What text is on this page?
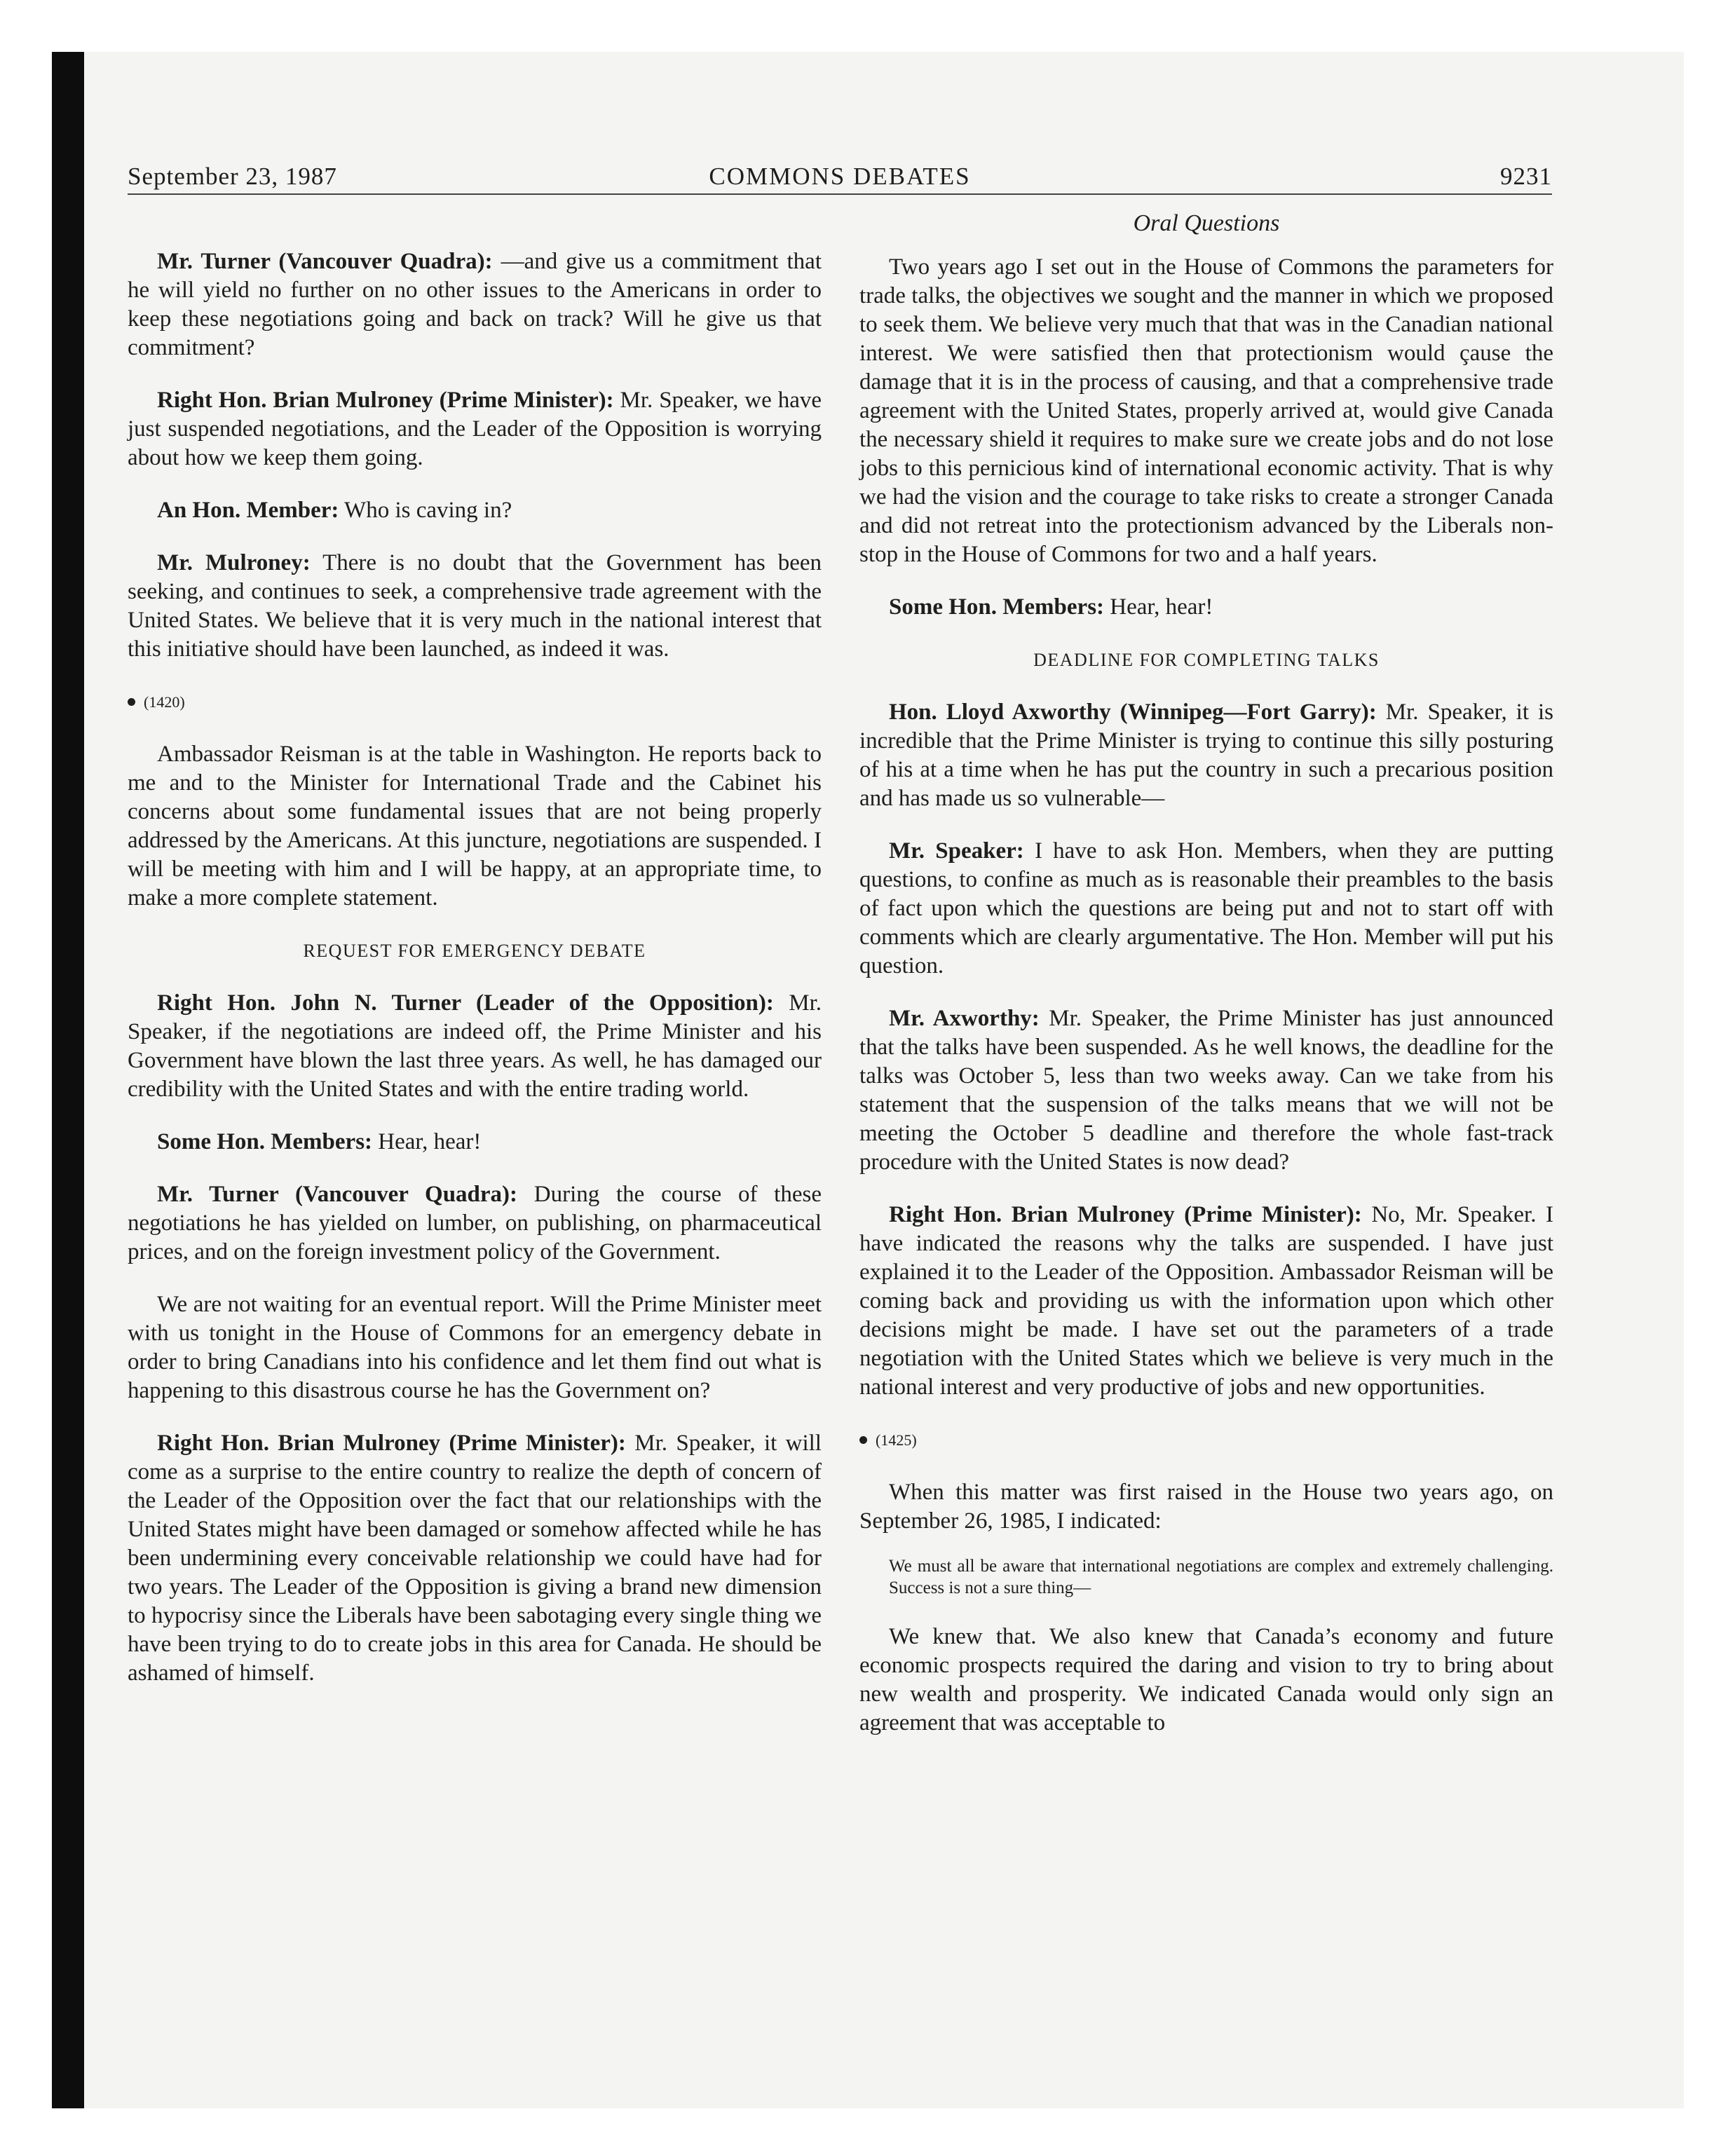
September 23, 1987	COMMONS DEBATES	9231

Mr. Turner (Vancouver Quadra): —and give us a commitment that he will yield no further on no other issues to the Americans in order to keep these negotiations going and back on track? Will he give us that commitment?

Right Hon. Brian Mulroney (Prime Minister): Mr. Speaker, we have just suspended negotiations, and the Leader of the Opposition is worrying about how we keep them going.

An Hon. Member: Who is caving in?

Mr. Mulroney: There is no doubt that the Government has been seeking, and continues to seek, a comprehensive trade agreement with the United States. We believe that it is very much in the national interest that this initiative should have been launched, as indeed it was.

(1420)

Ambassador Reisman is at the table in Washington. He reports back to me and to the Minister for International Trade and the Cabinet his concerns about some fundamental issues that are not being properly addressed by the Americans. At this juncture, negotiations are suspended. I will be meeting with him and I will be happy, at an appropriate time, to make a more complete statement.

REQUEST FOR EMERGENCY DEBATE

Right Hon. John N. Turner (Leader of the Opposition): Mr. Speaker, if the negotiations are indeed off, the Prime Minister and his Government have blown the last three years. As well, he has damaged our credibility with the United States and with the entire trading world.

Some Hon. Members: Hear, hear!

Mr. Turner (Vancouver Quadra): During the course of these negotiations he has yielded on lumber, on publishing, on pharmaceutical prices, and on the foreign investment policy of the Government.

We are not waiting for an eventual report. Will the Prime Minister meet with us tonight in the House of Commons for an emergency debate in order to bring Canadians into his confidence and let them find out what is happening to this disastrous course he has the Government on?

Right Hon. Brian Mulroney (Prime Minister): Mr. Speaker, it will come as a surprise to the entire country to realize the depth of concern of the Leader of the Opposition over the fact that our relationships with the United States might have been damaged or somehow affected while he has been undermining every conceivable relationship we could have had for two years. The Leader of the Opposition is giving a brand new dimension to hypocrisy since the Liberals have been sabotaging every single thing we have been trying to do to create jobs in this area for Canada. He should be ashamed of himself.

Oral Questions

Two years ago I set out in the House of Commons the parameters for trade talks, the objectives we sought and the manner in which we proposed to seek them. We believe very much that that was in the Canadian national interest. We were satisfied then that protectionism would çause the damage that it is in the process of causing, and that a comprehensive trade agreement with the United States, properly arrived at, would give Canada the necessary shield it requires to make sure we create jobs and do not lose jobs to this pernicious kind of international economic activity. That is why we had the vision and the courage to take risks to create a stronger Canada and did not retreat into the protectionism advanced by the Liberals non-stop in the House of Commons for two and a half years.

Some Hon. Members: Hear, hear!

DEADLINE FOR COMPLETING TALKS

Hon. Lloyd Axworthy (Winnipeg—Fort Garry): Mr. Speaker, it is incredible that the Prime Minister is trying to continue this silly posturing of his at a time when he has put the country in such a precarious position and has made us so vulnerable—

Mr. Speaker: I have to ask Hon. Members, when they are putting questions, to confine as much as is reasonable their preambles to the basis of fact upon which the questions are being put and not to start off with comments which are clearly argumentative. The Hon. Member will put his question.

Mr. Axworthy: Mr. Speaker, the Prime Minister has just announced that the talks have been suspended. As he well knows, the deadline for the talks was October 5, less than two weeks away. Can we take from his statement that the suspension of the talks means that we will not be meeting the October 5 deadline and therefore the whole fast-track procedure with the United States is now dead?

Right Hon. Brian Mulroney (Prime Minister): No, Mr. Speaker. I have indicated the reasons why the talks are suspended. I have just explained it to the Leader of the Opposition. Ambassador Reisman will be coming back and providing us with the information upon which other decisions might be made. I have set out the parameters of a trade negotiation with the United States which we believe is very much in the national interest and very productive of jobs and new opportunities.

(1425)

When this matter was first raised in the House two years ago, on September 26, 1985, I indicated:

We must all be aware that international negotiations are complex and extremely challenging. Success is not a sure thing—

We knew that. We also knew that Canada’s economy and future economic prospects required the daring and vision to try to bring about new wealth and prosperity. We indicated Canada would only sign an agreement that was acceptable to
